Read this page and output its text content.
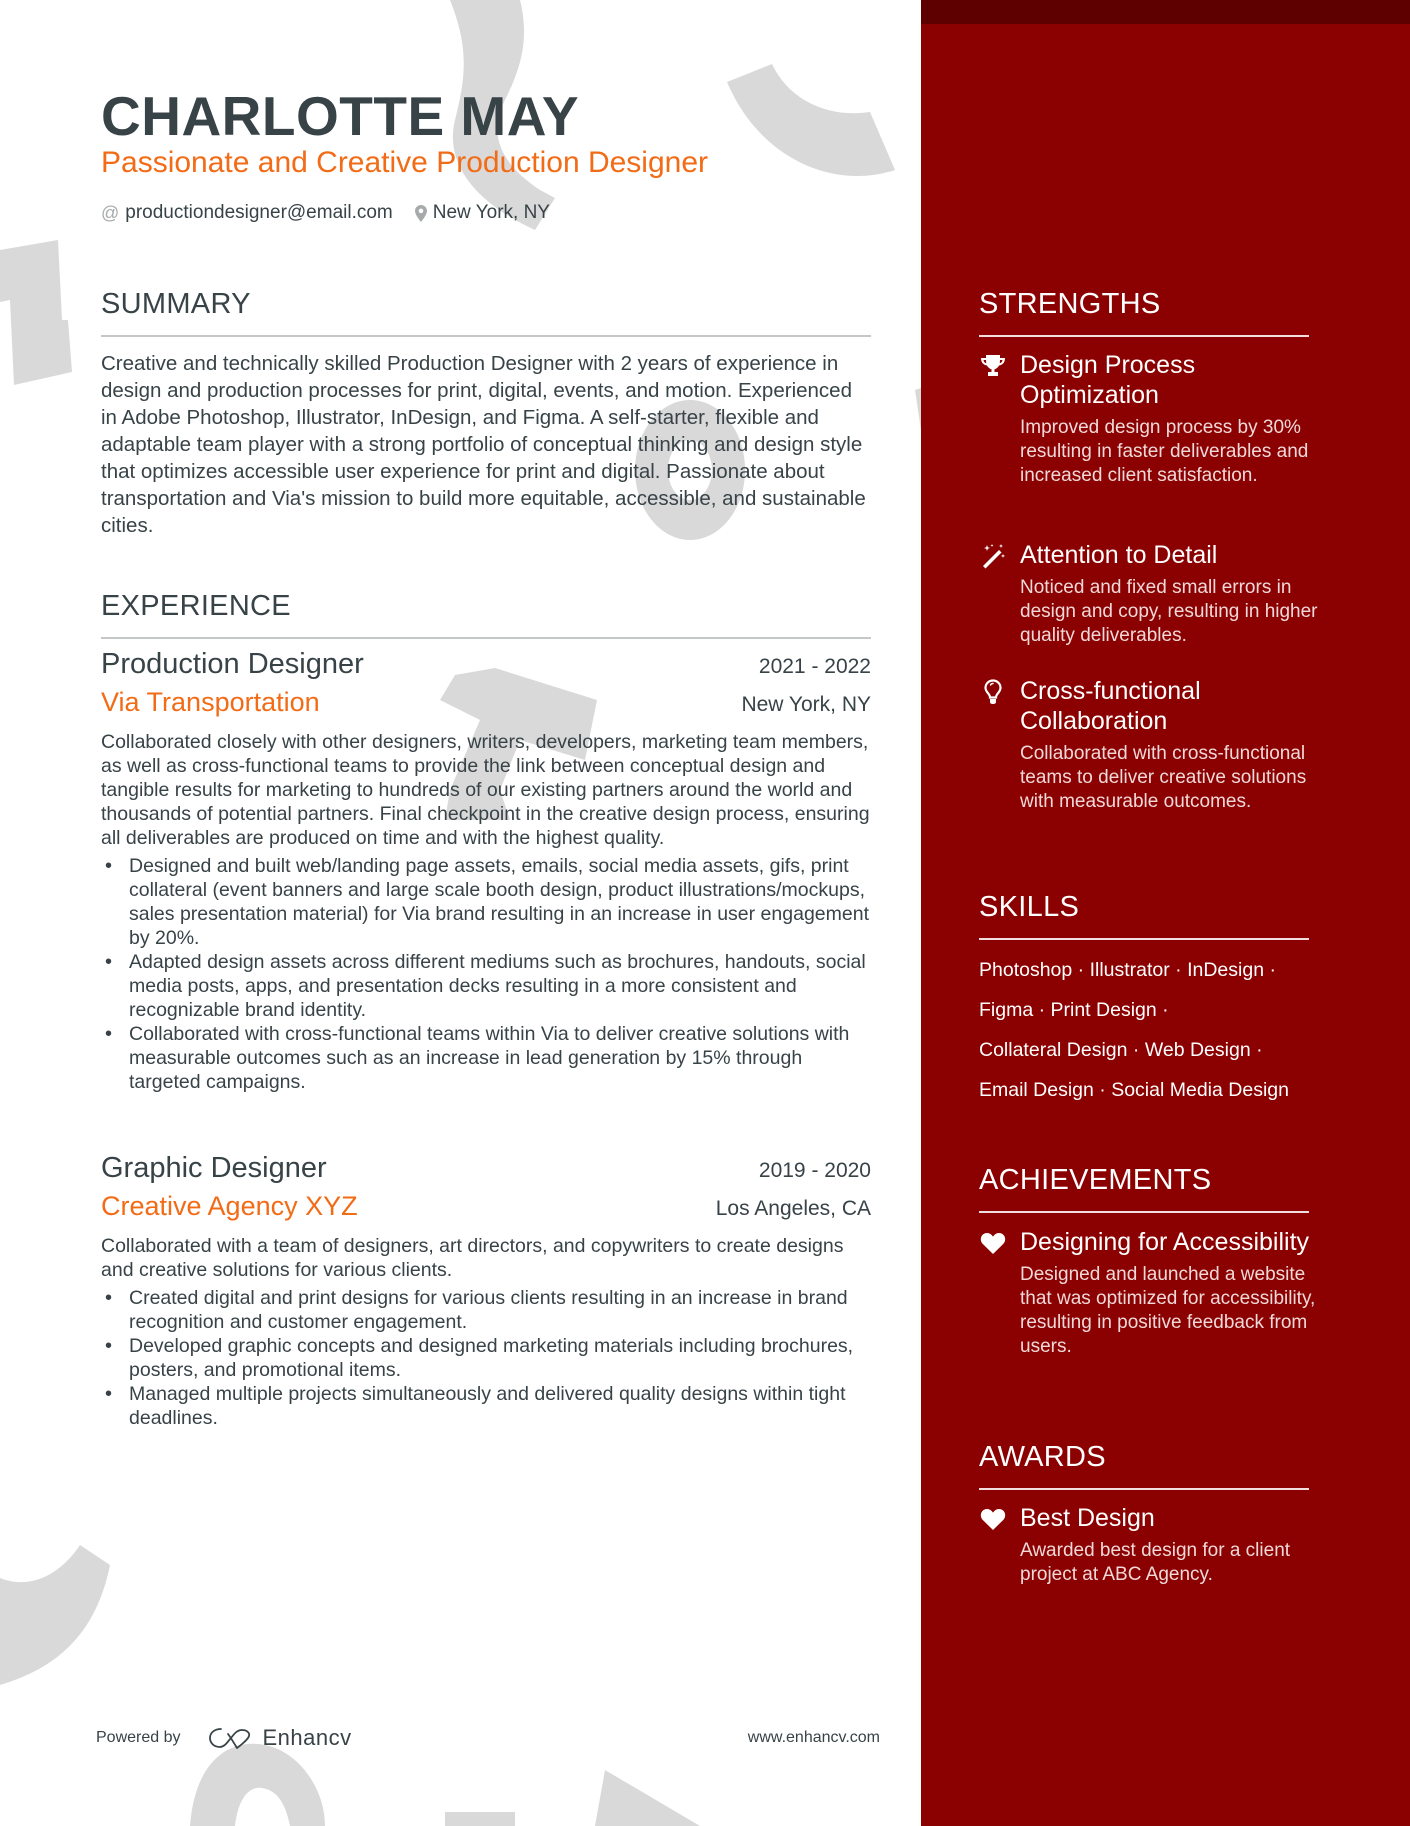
CHARLOTTE MAY
Passionate and Creative Production Designer
@ productiondesigner@email.com New York, NY
SUMMARY
Creative and technically skilled Production Designer with 2 years of experience in design and production processes for print, digital, events, and motion. Experienced in Adobe Photoshop, Illustrator, InDesign, and Figma. A self-starter, flexible and adaptable team player with a strong portfolio of conceptual thinking and design style that optimizes accessible user experience for print and digital. Passionate about transportation and Via's mission to build more equitable, accessible, and sustainable cities.
EXPERIENCE
Production Designer	2021 - 2022
Via Transportation	New York, NY
Collaborated closely with other designers, writers, developers, marketing team members, as well as cross-functional teams to provide the link between conceptual design and tangible results for marketing to hundreds of our existing partners around the world and thousands of potential partners. Final checkpoint in the creative design process, ensuring all deliverables are produced on time and with the highest quality.
• Designed and built web/landing page assets, emails, social media assets, gifs, print collateral (event banners and large scale booth design, product illustrations/mockups, sales presentation material) for Via brand resulting in an increase in user engagement by 20%.
• Adapted design assets across different mediums such as brochures, handouts, social media posts, apps, and presentation decks resulting in a more consistent and recognizable brand identity.
• Collaborated with cross-functional teams within Via to deliver creative solutions with measurable outcomes such as an increase in lead generation by 15% through targeted campaigns.
Graphic Designer	2019 - 2020
Creative Agency XYZ	Los Angeles, CA
Collaborated with a team of designers, art directors, and copywriters to create designs and creative solutions for various clients.
• Created digital and print designs for various clients resulting in an increase in brand recognition and customer engagement.
• Developed graphic concepts and designed marketing materials including brochures, posters, and promotional items.
• Managed multiple projects simultaneously and delivered quality designs within tight deadlines.
Powered by	Enhancv	www.enhancv.com
STRENGTHS
Design Process Optimization
Improved design process by 30% resulting in faster deliverables and increased client satisfaction.
Attention to Detail
Noticed and fixed small errors in design and copy, resulting in higher quality deliverables.
Cross-functional Collaboration
Collaborated with cross-functional teams to deliver creative solutions with measurable outcomes.
SKILLS
Photoshop · Illustrator · InDesign ·
Figma · Print Design ·
Collateral Design · Web Design ·
Email Design · Social Media Design
ACHIEVEMENTS
Designing for Accessibility
Designed and launched a website that was optimized for accessibility, resulting in positive feedback from users.
AWARDS
Best Design
Awarded best design for a client project at ABC Agency.
